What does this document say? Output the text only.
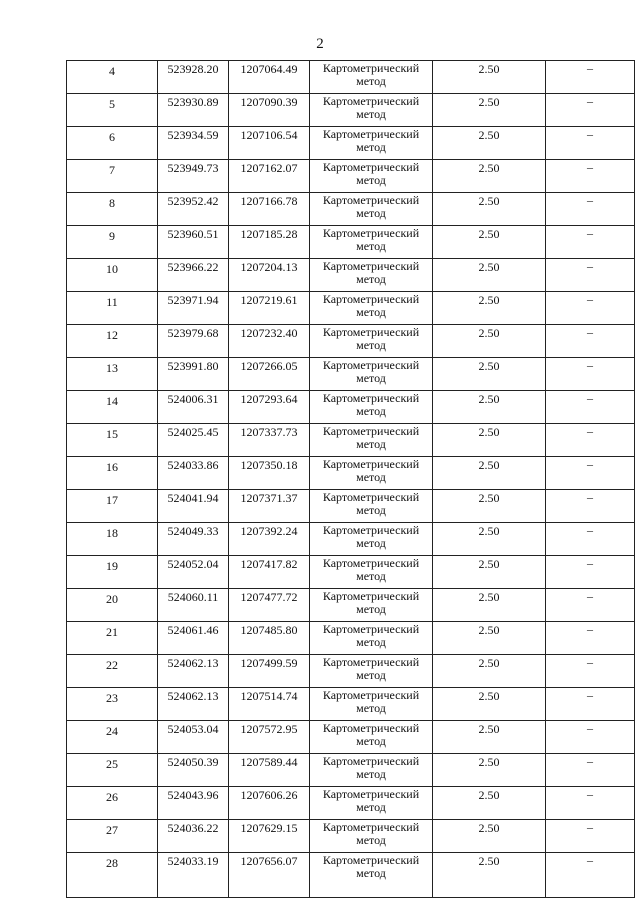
2
4	523928.20	1207064.49	Картометрический
метод	2.50	–
5	523930.89	1207090.39	Картометрический
метод	2.50	–
6	523934.59	1207106.54	Картометрический
метод	2.50	–
7	523949.73	1207162.07	Картометрический
метод	2.50	–
8	523952.42	1207166.78	Картометрический
метод	2.50	–
9	523960.51	1207185.28	Картометрический
метод	2.50	–
10	523966.22	1207204.13	Картометрический
метод	2.50	–
11	523971.94	1207219.61	Картометрический
метод	2.50	–
12	523979.68	1207232.40	Картометрический
метод	2.50	–
13	523991.80	1207266.05	Картометрический
метод	2.50	–
14	524006.31	1207293.64	Картометрический
метод	2.50	–
15	524025.45	1207337.73	Картометрический
метод	2.50	–
16	524033.86	1207350.18	Картометрический
метод	2.50	–
17	524041.94	1207371.37	Картометрический
метод	2.50	–
18	524049.33	1207392.24	Картометрический
метод	2.50	–
19	524052.04	1207417.82	Картометрический
метод	2.50	–
20	524060.11	1207477.72	Картометрический
метод	2.50	–
21	524061.46	1207485.80	Картометрический
метод	2.50	–
22	524062.13	1207499.59	Картометрический
метод	2.50	–
23	524062.13	1207514.74	Картометрический
метод	2.50	–
24	524053.04	1207572.95	Картометрический
метод	2.50	–
25	524050.39	1207589.44	Картометрический
метод	2.50	–
26	524043.96	1207606.26	Картометрический
метод	2.50	–
27	524036.22	1207629.15	Картометрический
метод	2.50	–
28	524033.19	1207656.07	Картометрический
метод	2.50	–
